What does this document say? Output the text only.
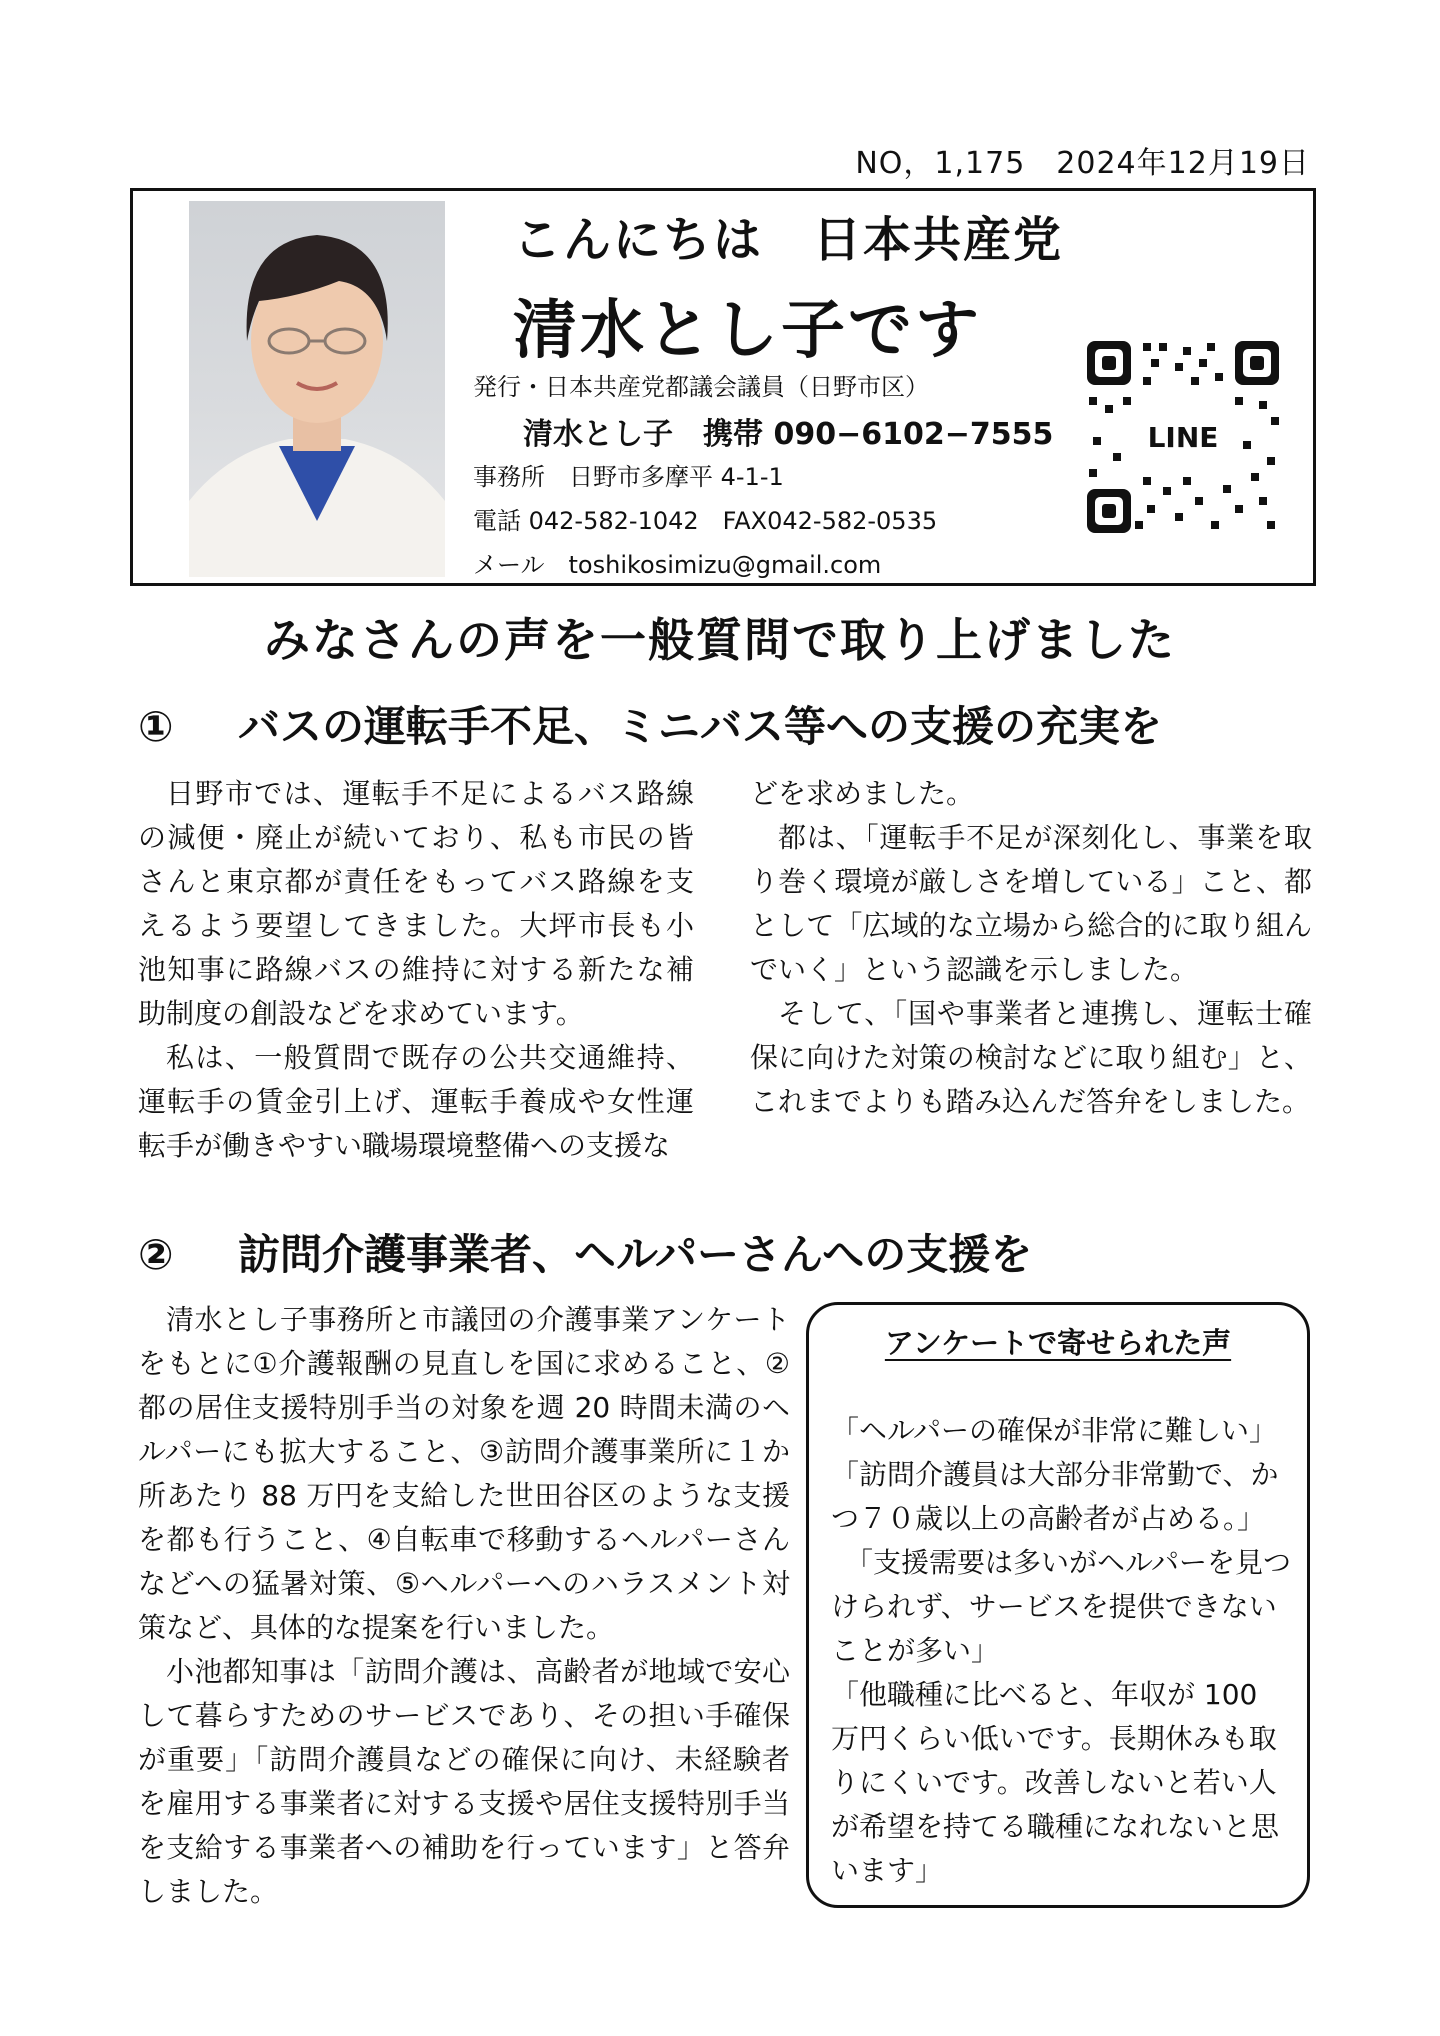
NO，1,175　2024年12月19日
こんにちは　日本共産党
清水とし子です
発行・日本共産党都議会議員（日野市区）
清水とし子　携帯 090−6102−7555
事務所　日野市多摩平 4-1-1
電話 042-582-1042　FAX042-582-0535
メール　toshikosimizu@gmail.com
LINE
みなさんの声を一般質問で取り上げました
① バスの運転手不足、ミニバス等への支援の充実を

日野市では、運転手不足によるバス路線の減便・廃止が続いており、私も市民の皆さんと東京都が責任をもってバス路線を支えるよう要望してきました。大坪市長も小池知事に路線バスの維持に対する新たな補助制度の創設などを求めています。

私は、一般質問で既存の公共交通維持、運転手の賃金引上げ、運転手養成や女性運転手が働きやすい職場環境整備への支援な

どを求めました。

都は、「運転手不足が深刻化し、事業を取り巻く環境が厳しさを増している」こと、都として「広域的な立場から総合的に取り組んでいく」という認識を示しました。

そして、「国や事業者と連携し、運転士確保に向けた対策の検討などに取り組む」と、これまでよりも踏み込んだ答弁をしました。

② 訪問介護事業者、ヘルパーさんへの支援を

清水とし子事務所と市議団の介護事業アンケートをもとに①介護報酬の見直しを国に求めること、②都の居住支援特別手当の対象を週 20 時間未満のヘルパーにも拡大すること、③訪問介護事業所に１か所あたり 88 万円を支給した世田谷区のような支援を都も行うこと、④自転車で移動するヘルパーさんなどへの猛暑対策、⑤ヘルパーへのハラスメント対策など、具体的な提案を行いました。

小池都知事は「訪問介護は、高齢者が地域で安心して暮らすためのサービスであり、その担い手確保が重要」「訪問介護員などの確保に向け、未経験者を雇用する事業者に対する支援や居住支援特別手当を支給する事業者への補助を行っています」と答弁しました。

アンケートで寄せられた声

「ヘルパーの確保が非常に難しい」

「訪問介護員は大部分非常勤で、かつ７０歳以上の高齢者が占める。」

「支援需要は多いがヘルパーを見つけられず、サービスを提供できないことが多い」

「他職種に比べると、年収が 100 万円くらい低いです。長期休みも取りにくいです。改善しないと若い人が希望を持てる職種になれないと思います」
